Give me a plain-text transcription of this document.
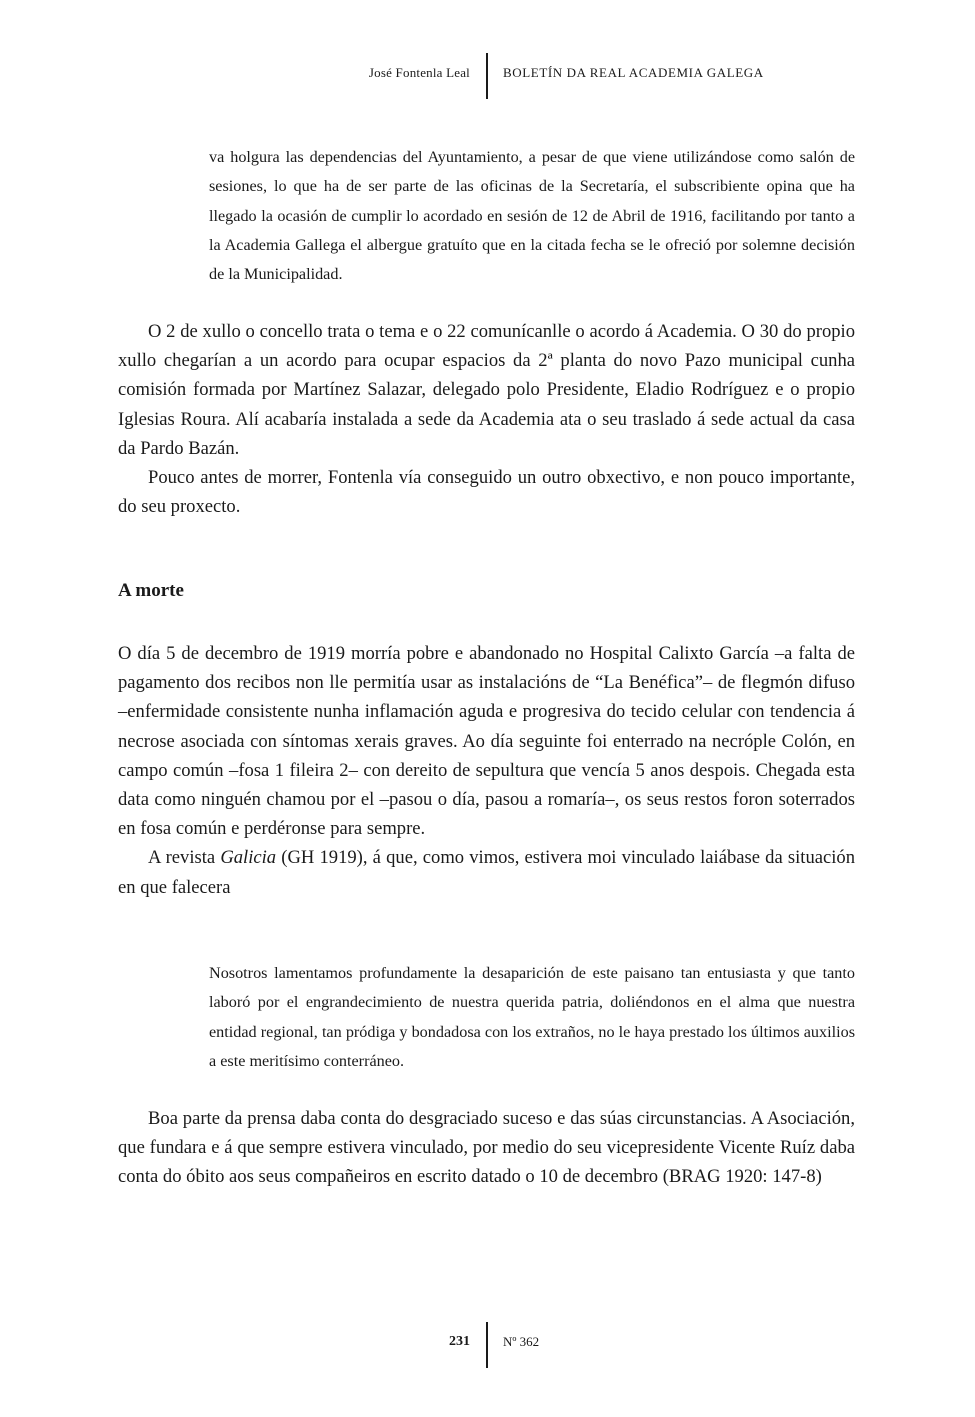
José Fontenla Leal	BOLETÍN DA REAL ACADEMIA GALEGA

va holgura las dependencias del Ayuntamiento, a pesar de que viene utilizándose como salón de sesiones, lo que ha de ser parte de las oficinas de la Secretaría, el subscribiente opina que ha llegado la ocasión de cumplir lo acordado en sesión de 12 de Abril de 1916, facilitando por tanto a la Academia Gallega el albergue gratuíto que en la citada fecha se le ofreció por solemne decisión de la Municipalidad.

O 2 de xullo o concello trata o tema e o 22 comunícanlle o acordo á Academia. O 30 do propio xullo chegarían a un acordo para ocupar espacios da 2ª planta do novo Pazo municipal cunha comisión formada por Martínez Salazar, delegado polo Presidente, Eladio Rodríguez e o propio Iglesias Roura. Alí acabaría instalada a sede da Academia ata o seu traslado á sede actual da casa da Pardo Bazán.

Pouco antes de morrer, Fontenla vía conseguido un outro obxectivo, e non pouco importante, do seu proxecto.

A morte

O día 5 de decembro de 1919 morría pobre e abandonado no Hospital Calixto García –a falta de pagamento dos recibos non lle permitía usar as instalacións de “La Benéfica”– de flegmón difuso –enfermidade consistente nunha inflamación aguda e progresiva do tecido celular con tendencia á necrose asociada con síntomas xerais graves. Ao día seguinte foi enterrado na necróple Colón, en campo común –fosa 1 fileira 2– con dereito de sepultura que vencía 5 anos despois. Chegada esta data como ninguén chamou por el –pasou o día, pasou a romaría–, os seus restos foron soterrados en fosa común e perdéronse para sempre.

A revista Galicia (GH 1919), á que, como vimos, estivera moi vinculado laiábase da situación en que falecera

Nosotros lamentamos profundamente la desaparición de este paisano tan entusiasta y que tanto laboró por el engrandecimiento de nuestra querida patria, doliéndonos en el alma que nuestra entidad regional, tan pródiga y bondadosa con los extraños, no le haya prestado los últimos auxilios a este meritísimo conterráneo.

Boa parte da prensa daba conta do desgraciado suceso e das súas circunstancias. A Asociación, que fundara e á que sempre estivera vinculado, por medio do seu vicepresidente Vicente Ruíz daba conta do óbito aos seus compañeiros en escrito datado o 10 de decembro (BRAG 1920: 147-8)

231	Nº 362
